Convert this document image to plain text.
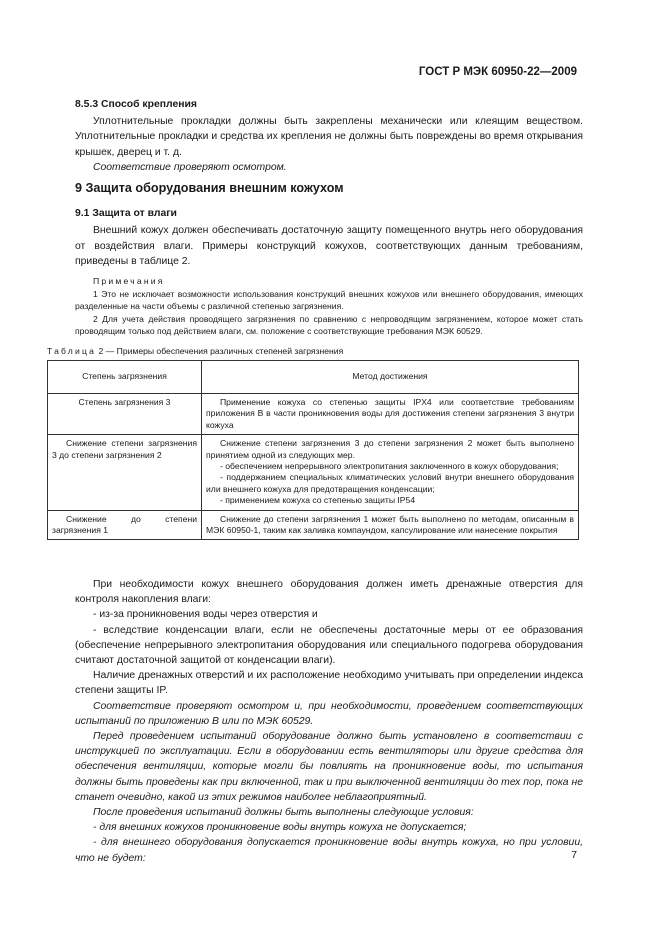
ГОСТ Р МЭК 60950-22—2009

8.5.3 Способ крепления

Уплотнительные прокладки должны быть закреплены механически или клеящим веществом. Уплотнительные прокладки и средства их крепления не должны быть повреждены во время открывания крышек, дверец и т. д.

Соответствие проверяют осмотром.

9 Защита оборудования внешним кожухом

9.1 Защита от влаги

Внешний кожух должен обеспечивать достаточную защиту помещенного внутрь него оборудования от воздействия влаги. Примеры конструкций кожухов, соответствующих данным требованиям, приведены в таблице 2.

Примечания

1 Это не исключает возможности использования конструкций внешних кожухов или внешнего оборудования, имеющих разделенные на части объемы с различной степенью загрязнения.

2 Для учета действия проводящего загрязнения по сравнению с непроводящим загрязнением, которое может стать проводящим только под действием влаги, см. положение с соответствующие требования МЭК 60529.

Таблица 2 — Примеры обеспечения различных степеней загрязнения
Степень загрязнения	Метод достижения
Степень загрязнения 3	Применение кожуха со степенью защиты IPX4 или соответствие требованиям приложения В в части проникновения воды для достижения степени загрязнения 3 внутри кожуха
Снижение степени загрязнения 3 до степени загрязнения 2	Снижение степени загрязнения 3 до степени загрязнения 2 может быть выполнено принятием одной из следующих мер.
- обеспечением непрерывного электропитания заключенного в кожух оборудования;
- поддержанием специальных климатических условий внутри внешнего оборудования или внешнего кожуха для предотвращения конденсации;
- применением кожуха со степенью защиты IP54

Снижение до степени загрязнения 1	Снижение до степени загрязнения 1 может быть выполнено по методам, описанным в МЭК 60950-1, таким как заливка компаундом, капсулирование или нанесение покрытия

При необходимости кожух внешнего оборудования должен иметь дренажные отверстия для контроля накопления влаги:

- из-за проникновения воды через отверстия и

- вследствие конденсации влаги, если не обеспечены достаточные меры от ее образования (обеспечение непрерывного электропитания оборудования или специального подогрева оборудования считают достаточной защитой от конденсации влаги).

Наличие дренажных отверстий и их расположение необходимо учитывать при определении индекса степени защиты IP.

Соответствие проверяют осмотром и, при необходимости, проведением соответствующих испытаний по приложению В или по МЭК 60529.

Перед проведением испытаний оборудование должно быть установлено в соответствии с инструкцией по эксплуатации. Если в оборудовании есть вентиляторы или другие средства для обеспечения вентиляции, которые могли бы повлиять на проникновение воды, то испытания должны быть проведены как при включенной, так и при выключенной вентиляции до тех пор, пока не станет очевидно, какой из этих режимов наиболее неблагоприятный.

После проведения испытаний должны быть выполнены следующие условия:

- для внешних кожухов проникновение воды внутрь кожуха не допускается;

- для внешнего оборудования допускается проникновение воды внутрь кожуха, но при условии, что не будет:	7
